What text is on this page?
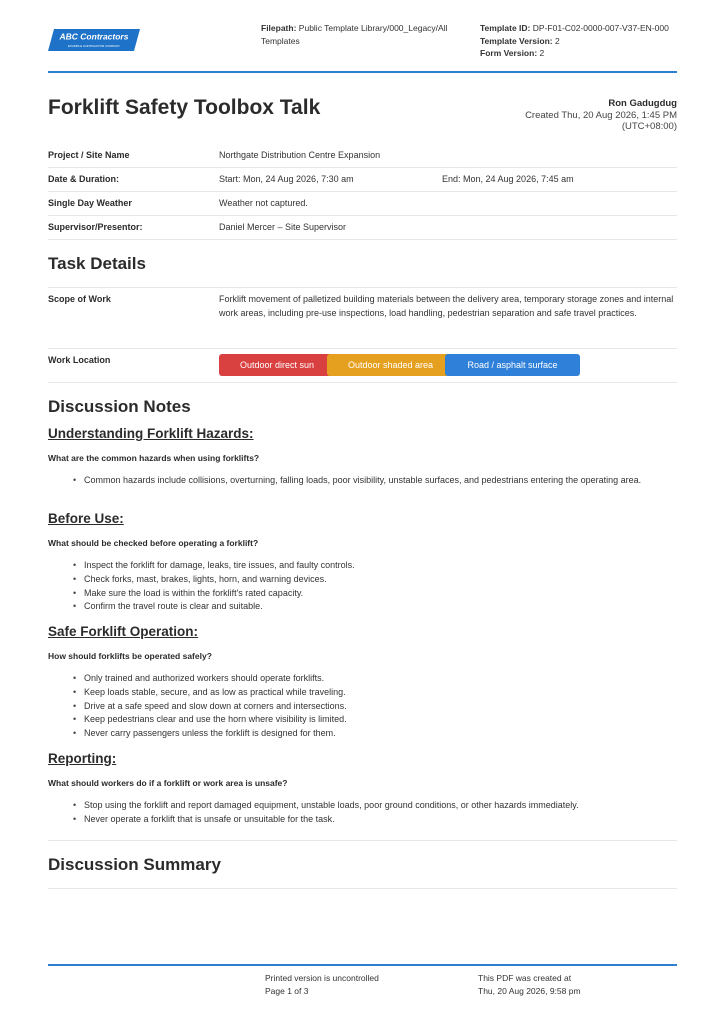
ABC Contractors
EXAMPLE CONTRACTOR COMPANY
Filepath: Public Template Library/000_Legacy/All
Templates
Template ID: DP-F01-C02-0000-007-V37-EN-000
Template Version: 2
Form Version: 2
Forklift Safety Toolbox Talk	Ron Gadugdug
Created Thu, 20 Aug 2026, 1:45 PM
(UTC+08:00)
Project / Site Name	Northgate Distribution Centre Expansion
Date & Duration:	Start: Mon, 24 Aug 2026, 7:30 am	End: Mon, 24 Aug 2026, 7:45 am
Single Day Weather	Weather not captured.
Supervisor/Presentor:	Daniel Mercer – Site Supervisor
Task Details
Scope of Work	Forklift movement of palletized building materials between the delivery area, temporary storage zones and internal work areas, including pre-use inspections, load handling, pedestrian separation and safe travel practices.
Work Location	Outdoor direct sun	Outdoor shaded area	Road / asphalt surface
Discussion Notes
Understanding Forklift Hazards:
What are the common hazards when using forklifts?
• Common hazards include collisions, overturning, falling loads, poor visibility, unstable surfaces, and pedestrians entering the operating area.
Before Use:
What should be checked before operating a forklift?
• Inspect the forklift for damage, leaks, tire issues, and faulty controls.
• Check forks, mast, brakes, lights, horn, and warning devices.
• Make sure the load is within the forklift's rated capacity.
• Confirm the travel route is clear and suitable.
Safe Forklift Operation:
How should forklifts be operated safely?
• Only trained and authorized workers should operate forklifts.
• Keep loads stable, secure, and as low as practical while traveling.
• Drive at a safe speed and slow down at corners and intersections.
• Keep pedestrians clear and use the horn where visibility is limited.
• Never carry passengers unless the forklift is designed for them.
Reporting:
What should workers do if a forklift or work area is unsafe?
• Stop using the forklift and report damaged equipment, unstable loads, poor ground conditions, or other hazards immediately.
• Never operate a forklift that is unsafe or unsuitable for the task.
Discussion Summary
Printed version is uncontrolled
Page 1 of 3
This PDF was created at
Thu, 20 Aug 2026, 9:58 pm
